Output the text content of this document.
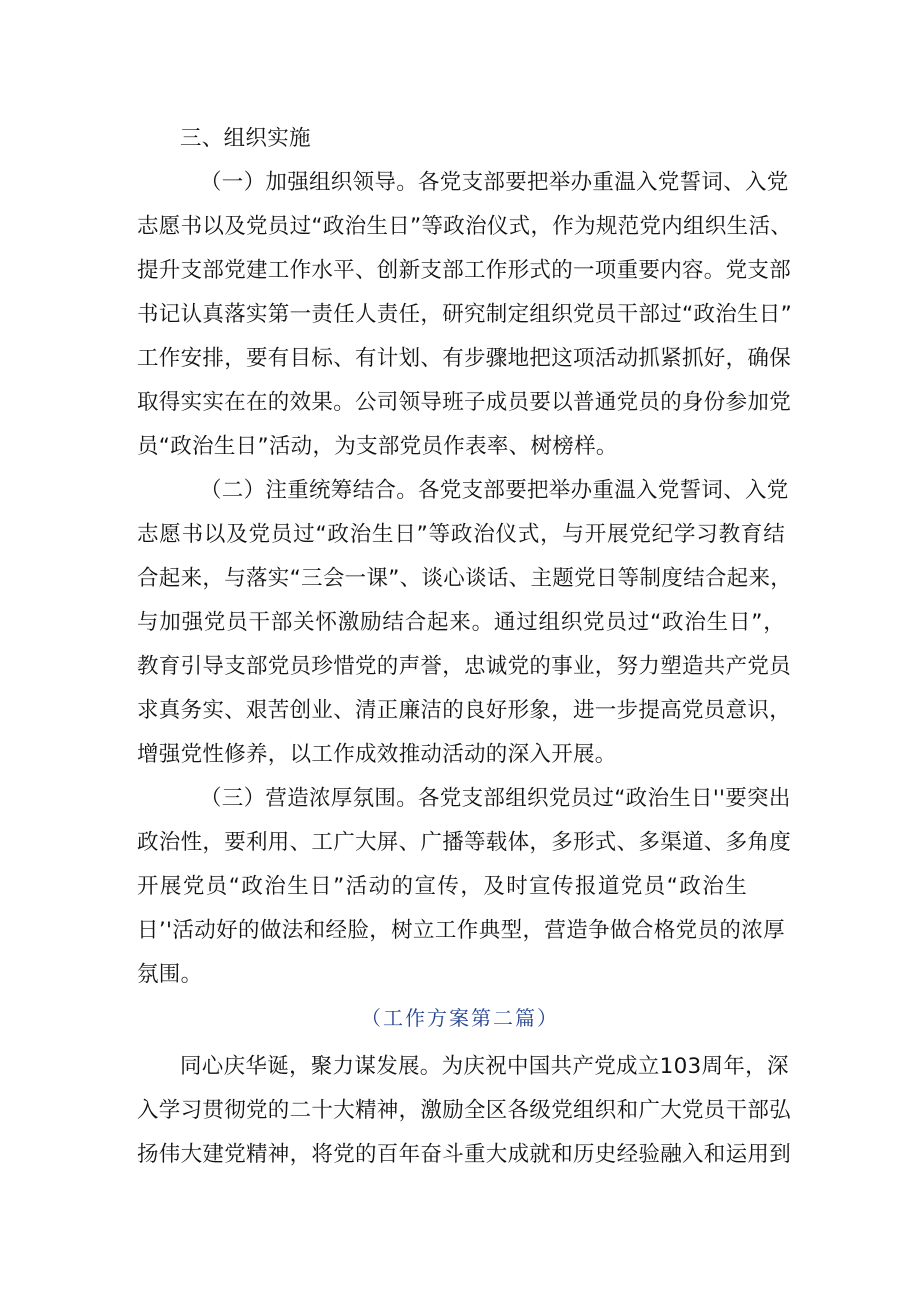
三、组织实施
（一）加强组织领导。各党支部要把举办重温入党誓词、入党
志愿书以及党员过“政治生日”等政治仪式，作为规范党内组织生活、
提升支部党建工作水平、创新支部工作形式的一项重要内容。党支部
书记认真落实第一责任人责任，研究制定组织党员干部过“政治生日”
工作安排，要有目标、有计划、有步骤地把这项活动抓紧抓好，确保
取得实实在在的效果。公司领导班子成员要以普通党员的身份参加党
员“政治生日”活动，为支部党员作表率、树榜样。
（二）注重统筹结合。各党支部要把举办重温入党誓词、入党
志愿书以及党员过“政治生日”等政治仪式，与开展党纪学习教育结
合起来，与落实“三会一课”、谈心谈话、主题党日等制度结合起来，
与加强党员干部关怀激励结合起来。通过组织党员过“政治生日”，
教育引导支部党员珍惜党的声誉，忠诚党的事业，努力塑造共产党员
求真务实、艰苦创业、清正廉洁的良好形象，进一步提高党员意识，
增强党性修养，以工作成效推动活动的深入开展。
（三）营造浓厚氛围。各党支部组织党员过“政治生日''要突出
政治性，要利用、工广大屏、广播等载体，多形式、多渠道、多角度
开展党员“政治生日”活动的宣传，及时宣传报道党员“政治生
日’'活动好的做法和经脸，树立工作典型，营造争做合格党员的浓厚
氛围。
（工作方案第二篇）
同心庆华诞，聚力谋发展。为庆祝中国共产党成立103周年，深
入学习贯彻党的二十大精神，激励全区各级党组织和广大党员干部弘
扬伟大建党精神，将党的百年奋斗重大成就和历史经验融入和运用到
